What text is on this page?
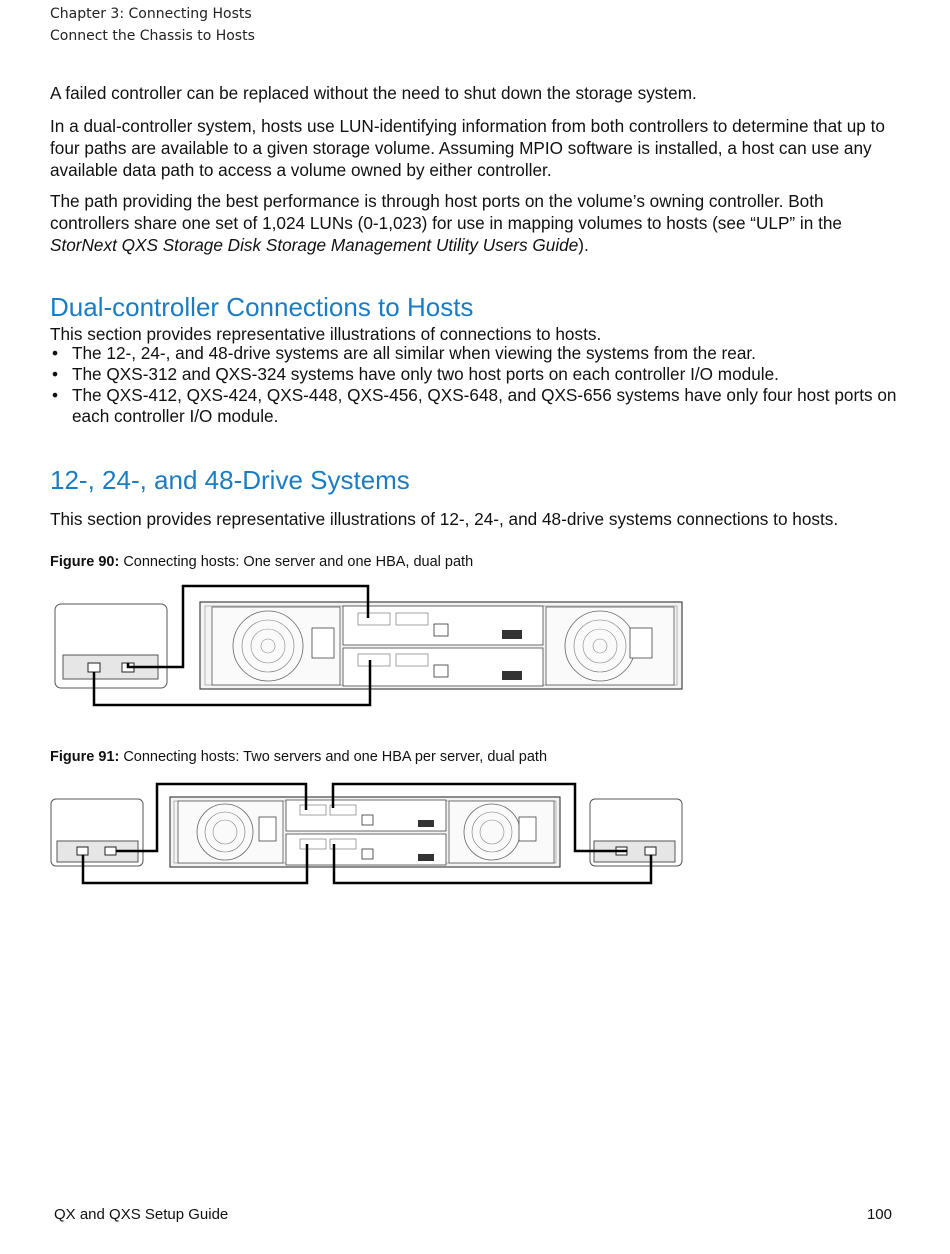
Chapter 3: Connecting Hosts
Connect the Chassis to Hosts

A failed controller can be replaced without the need to shut down the storage system.

In a dual-controller system, hosts use LUN-identifying information from both controllers to determine that up to four paths are available to a given storage volume. Assuming MPIO software is installed, a host can use any available data path to access a volume owned by either controller.

The path providing the best performance is through host ports on the volume’s owning controller. Both controllers share one set of 1,024 LUNs (0-1,023) for use in mapping volumes to hosts (see “ULP” in the StorNext QXS Storage Disk Storage Management Utility Users Guide).

Dual-controller Connections to Hosts

This section provides representative illustrations of connections to hosts.

• The 12-, 24-, and 48-drive systems are all similar when viewing the systems from the rear.
• The QXS-312 and QXS-324 systems have only two host ports on each controller I/O module.
• The QXS-412, QXS-424, QXS-448, QXS-456, QXS-648, and QXS-656 systems have only four host ports on each controller I/O module.
12-, 24-, and 48-Drive Systems

This section provides representative illustrations of 12-, 24-, and 48-drive systems connections to hosts.

Figure 90: Connecting hosts: One server and one HBA, dual path
Figure 91: Connecting hosts: Two servers and one HBA per server, dual path
QX and QXS Setup Guide	100
